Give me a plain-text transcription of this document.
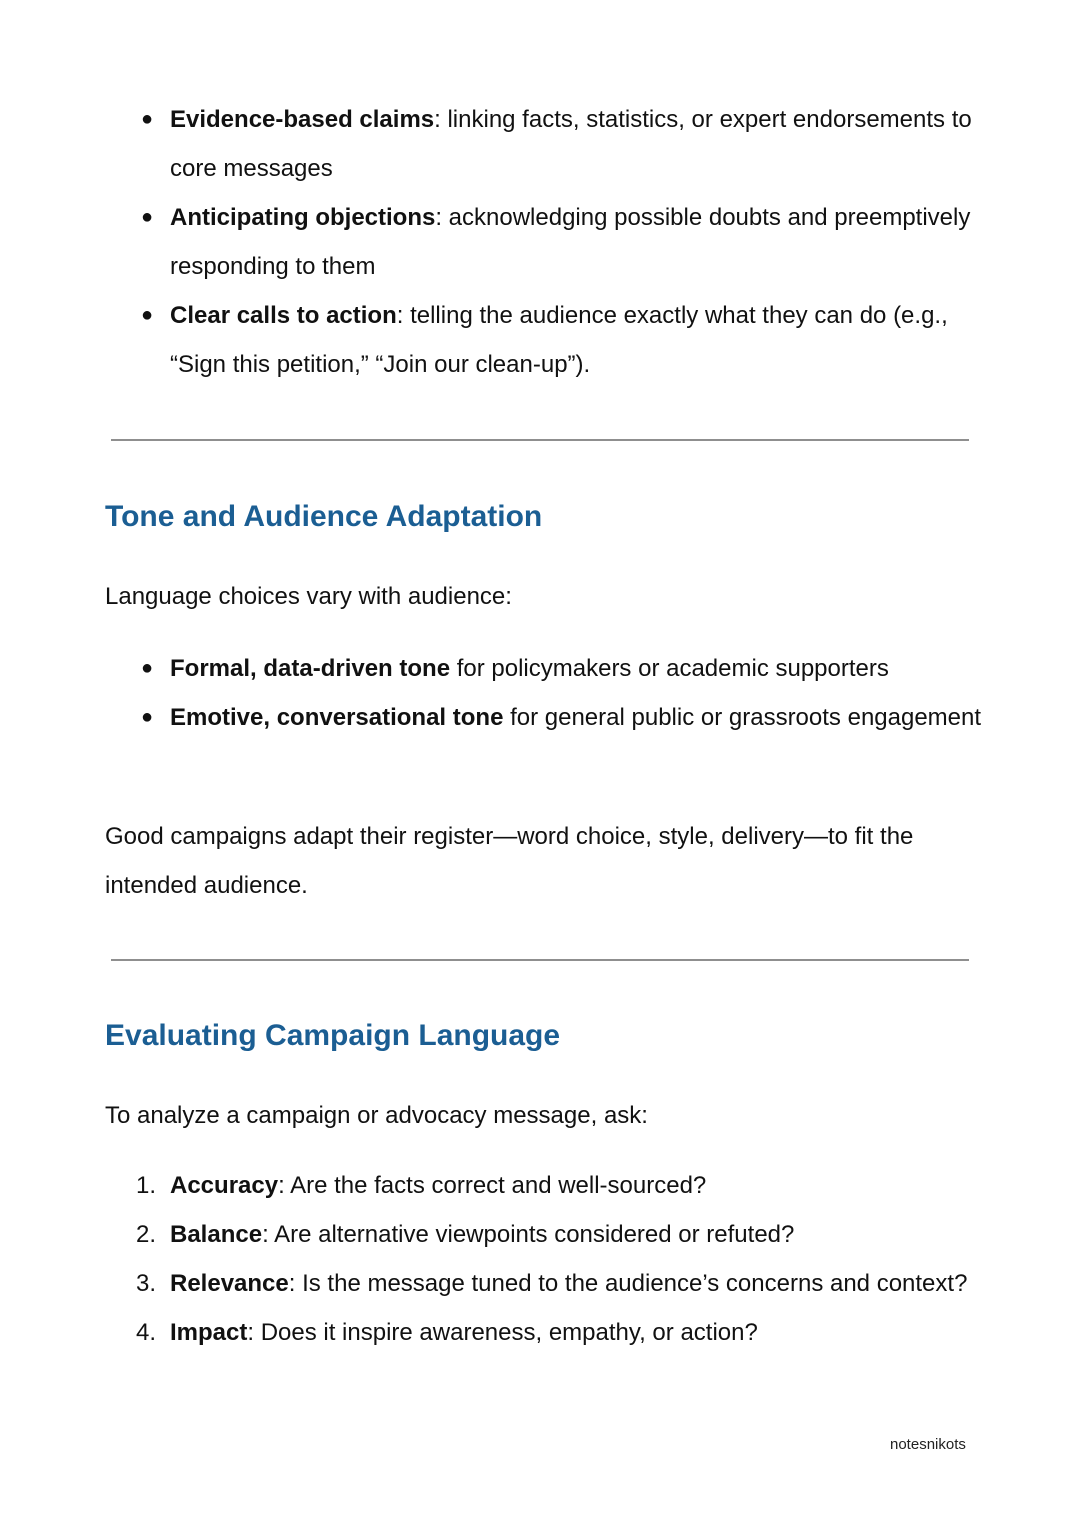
● Evidence-based claims: linking facts, statistics, or expert endorsements to core messages
● Anticipating objections: acknowledging possible doubts and preemptively responding to them
● Clear calls to action: telling the audience exactly what they can do (e.g., “Sign this petition,” “Join our clean-up”).
Tone and Audience Adaptation

Language choices vary with audience:

● Formal, data-driven tone for policymakers or academic supporters
● Emotive, conversational tone for general public or grassroots engagement

Good campaigns adapt their register—word choice, style, delivery—to fit the intended audience.

Evaluating Campaign Language

To analyze a campaign or advocacy message, ask:

1. Accuracy: Are the facts correct and well-sourced?
2. Balance: Are alternative viewpoints considered or refuted?
3. Relevance: Is the message tuned to the audience’s concerns and context?
4. Impact: Does it inspire awareness, empathy, or action?
notesnikots
